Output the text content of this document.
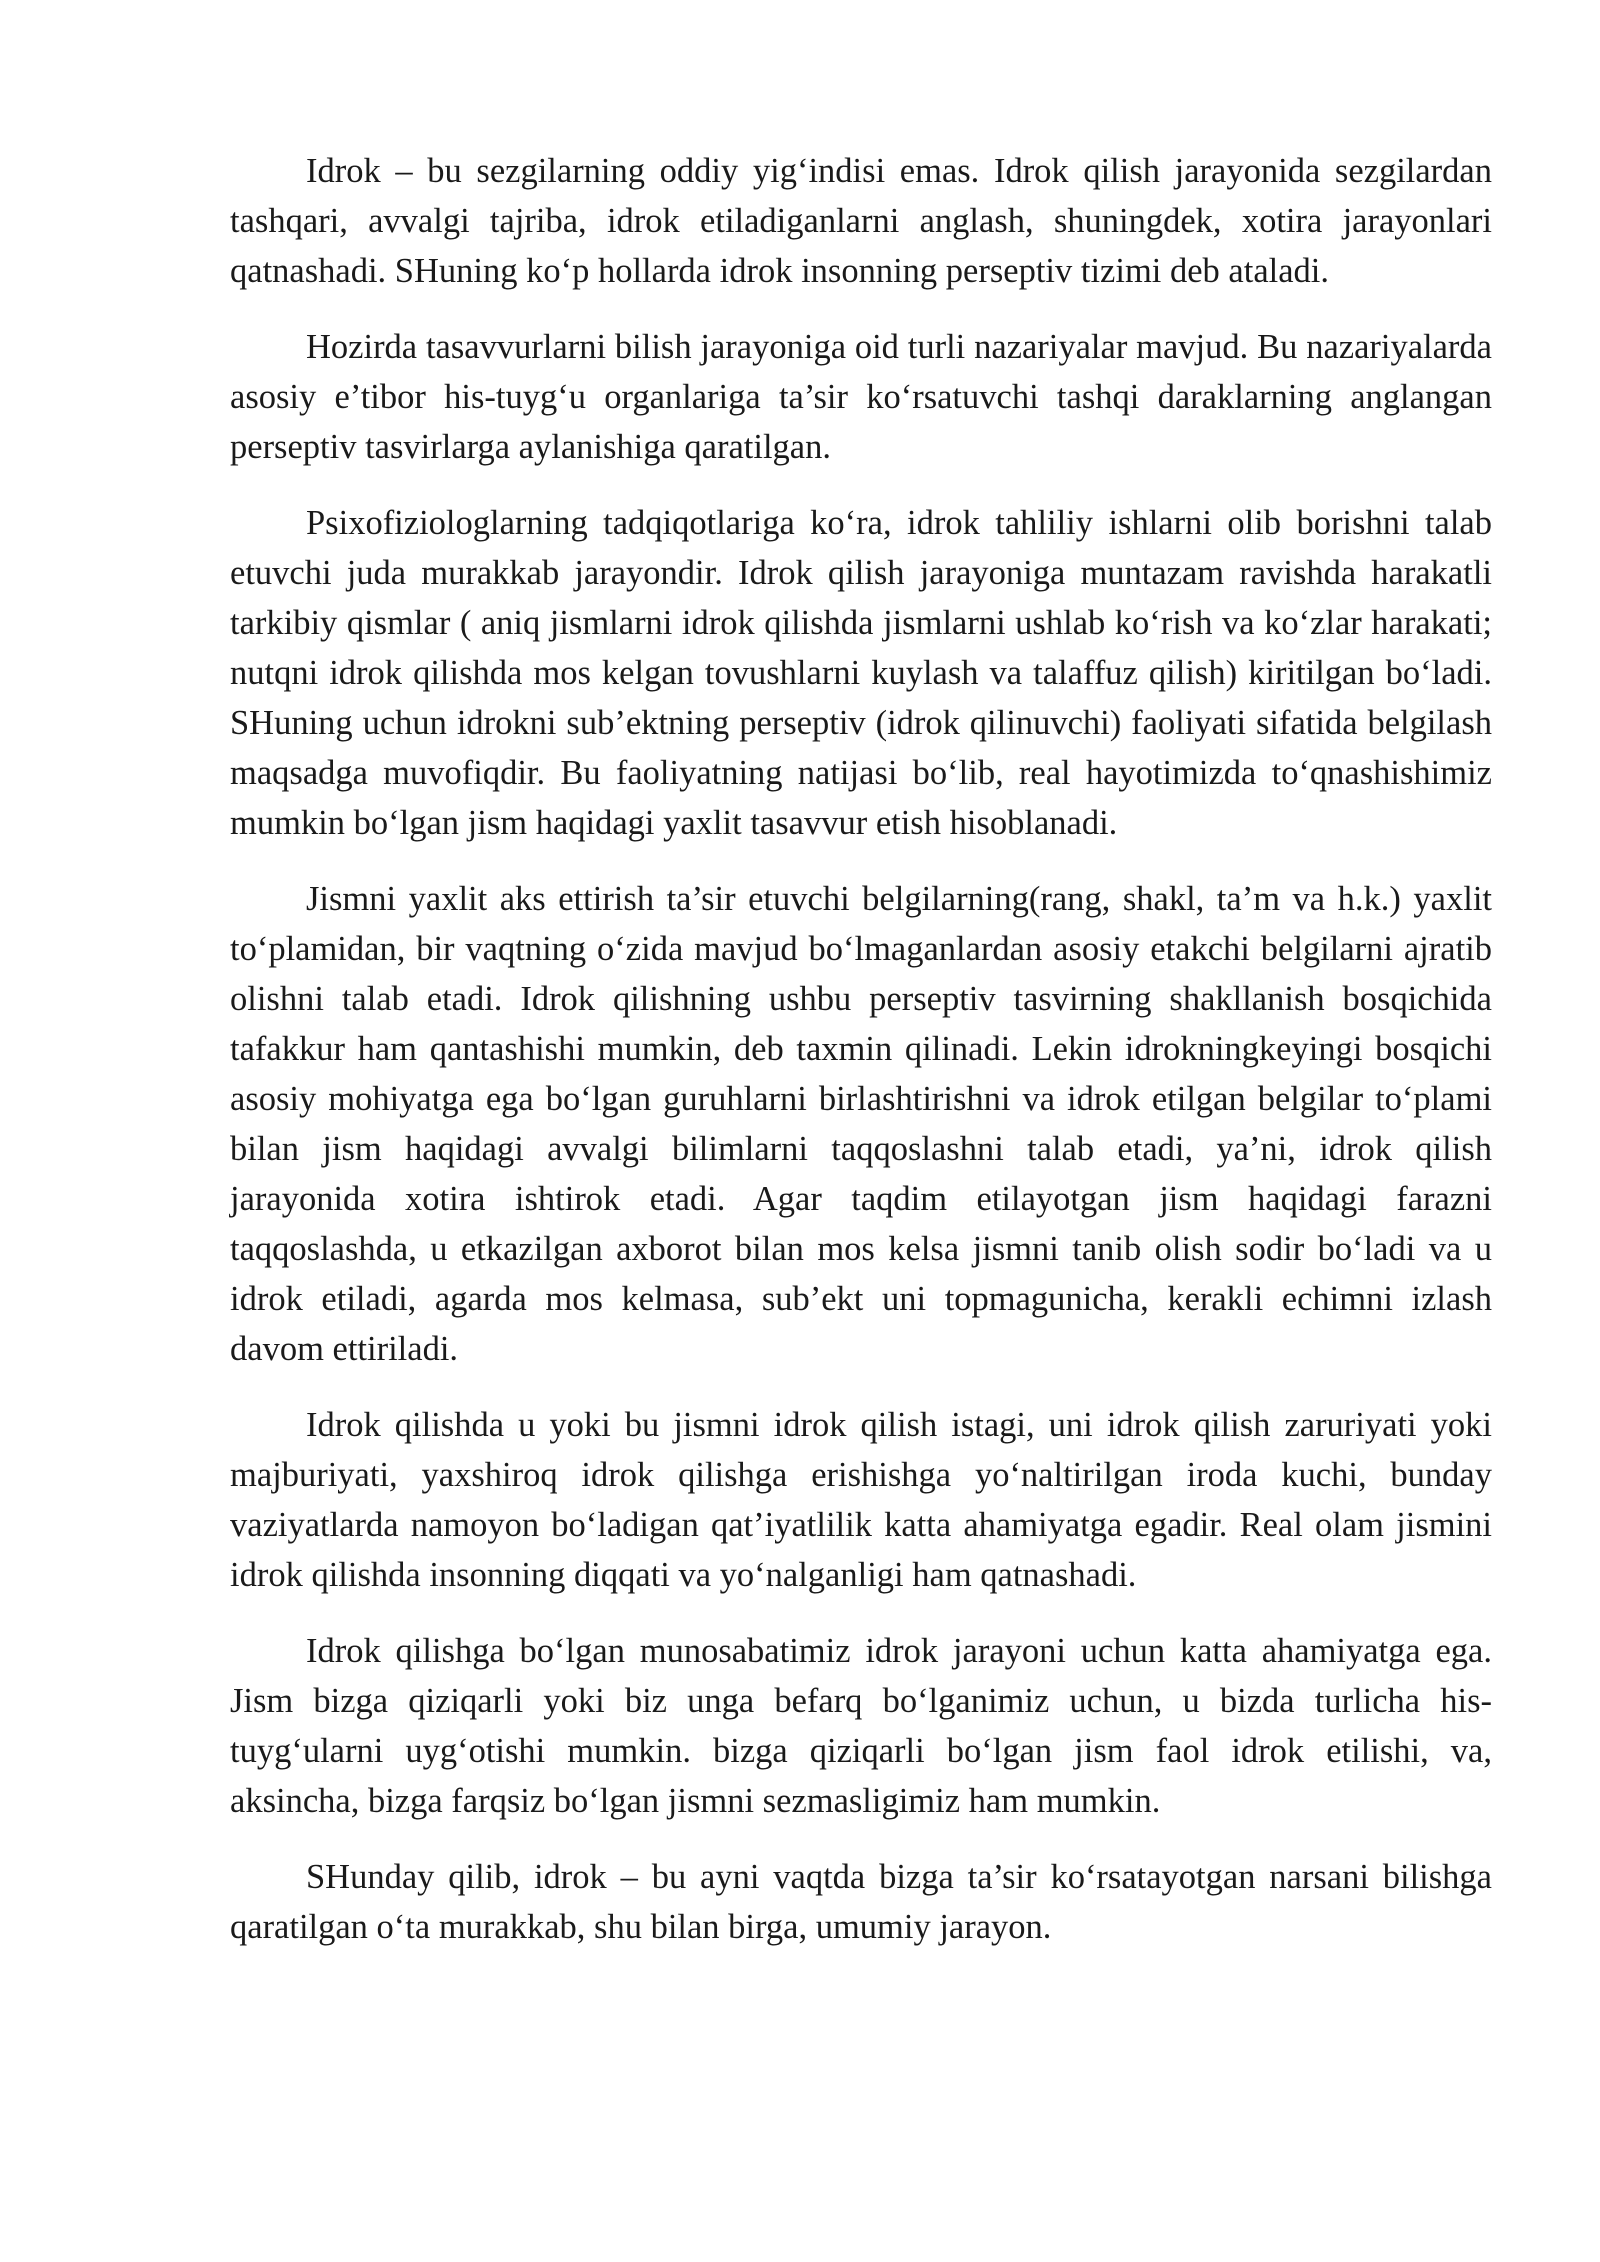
Idrok – bu sezgilarning oddiy yig‘indisi emas. Idrok qilish jarayonida sezgilardan tashqari, avvalgi tajriba, idrok etiladiganlarni anglash, shuningdek, xotira jarayonlari qatnashadi. SHuning ko‘p hollarda idrok insonning perseptiv tizimi deb ataladi.

Hozirda tasavvurlarni bilish jarayoniga oid turli nazariyalar mavjud. Bu nazariyalarda asosiy e’tibor his-tuyg‘u organlariga ta’sir ko‘rsatuvchi tashqi daraklarning anglangan perseptiv tasvirlarga aylanishiga qaratilgan.

Psixofiziologlarning tadqiqotlariga ko‘ra, idrok tahliliy ishlarni olib borishni talab etuvchi juda murakkab jarayondir. Idrok qilish jarayoniga muntazam ravishda harakatli tarkibiy qismlar ( aniq jismlarni idrok qilishda jismlarni ushlab ko‘rish va ko‘zlar harakati; nutqni idrok qilishda mos kelgan tovushlarni kuylash va talaffuz qilish) kiritilgan bo‘ladi. SHuning uchun idrokni sub’ektning perseptiv (idrok qilinuvchi) faoliyati sifatida belgilash maqsadga muvofiqdir. Bu faoliyatning natijasi bo‘lib, real hayotimizda to‘qnashishimiz mumkin bo‘lgan jism haqidagi yaxlit tasavvur etish hisoblanadi.

Jismni yaxlit aks ettirish ta’sir etuvchi belgilarning(rang, shakl, ta’m va h.k.) yaxlit to‘plamidan, bir vaqtning o‘zida mavjud bo‘lmaganlardan asosiy etakchi belgilarni ajratib olishni talab etadi. Idrok qilishning ushbu perseptiv tasvirning shakllanish bosqichida tafakkur ham qantashishi mumkin, deb taxmin qilinadi. Lekin idrokningkeyingi bosqichi asosiy mohiyatga ega bo‘lgan guruhlarni birlashtirishni va idrok etilgan belgilar to‘plami bilan jism haqidagi avvalgi bilimlarni taqqoslashni talab etadi, ya’ni, idrok qilish jarayonida xotira ishtirok etadi. Agar taqdim etilayotgan jism haqidagi farazni taqqoslashda, u etkazilgan axborot bilan mos kelsa jismni tanib olish sodir bo‘ladi va u idrok etiladi, agarda mos kelmasa, sub’ekt uni topmagunicha, kerakli echimni izlash davom ettiriladi.

Idrok qilishda u yoki bu jismni idrok qilish istagi, uni idrok qilish zaruriyati yoki majburiyati, yaxshiroq idrok qilishga erishishga yo‘naltirilgan iroda kuchi, bunday vaziyatlarda namoyon bo‘ladigan qat’iyatlilik katta ahamiyatga egadir. Real olam jismini idrok qilishda insonning diqqati va yo‘nalganligi ham qatnashadi.

Idrok qilishga bo‘lgan munosabatimiz idrok jarayoni uchun katta ahamiyatga ega. Jism bizga qiziqarli yoki biz unga befarq bo‘lganimiz uchun, u bizda turlicha his-tuyg‘ularni uyg‘otishi mumkin. bizga qiziqarli bo‘lgan jism faol idrok etilishi, va, aksincha, bizga farqsiz bo‘lgan jismni sezmasligimiz ham mumkin.

SHunday qilib, idrok – bu ayni vaqtda bizga ta’sir ko‘rsatayotgan narsani bilishga qaratilgan o‘ta murakkab, shu bilan birga, umumiy jarayon.
